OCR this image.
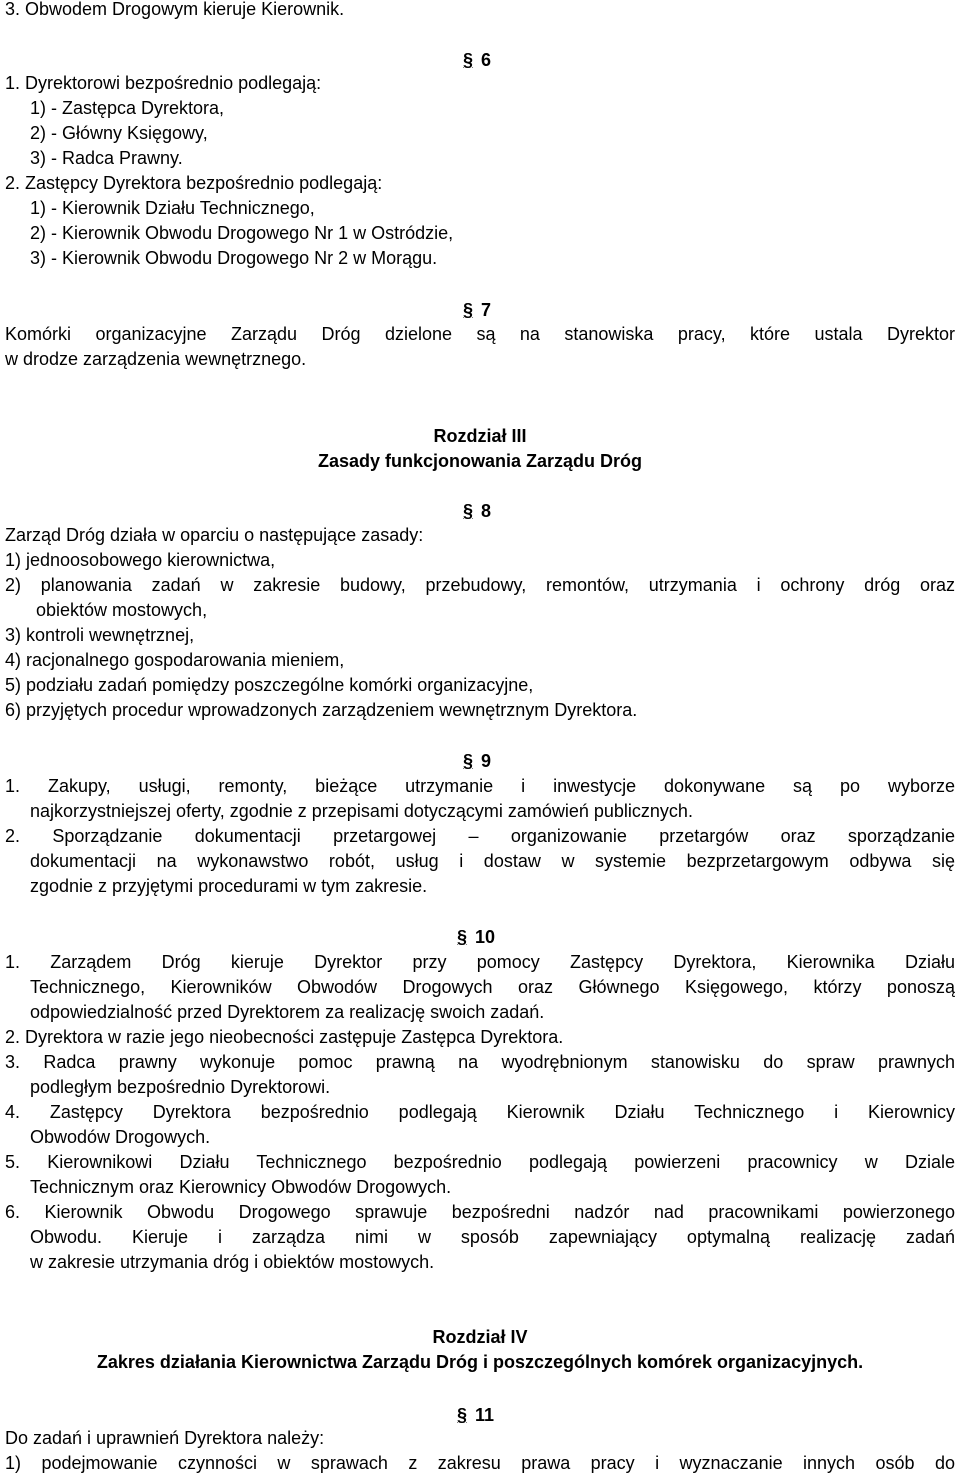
3. Obwodem Drogowym kieruje Kierownik.
§ 6
1. Dyrektorowi bezpośrednio podlegają:
1) - Zastępca Dyrektora,
2) - Główny Księgowy,
3) - Radca Prawny.
2. Zastępcy Dyrektora bezpośrednio podlegają:
1) - Kierownik Działu Technicznego,
2) - Kierownik Obwodu Drogowego Nr 1 w Ostródzie,
3) - Kierownik Obwodu Drogowego Nr 2 w Morągu.
§ 7
Komórki organizacyjne Zarządu Dróg dzielone są na stanowiska pracy, które ustala Dyrektor
w drodze zarządzenia wewnętrznego.
Rozdział III
Zasady funkcjonowania Zarządu Dróg
§ 8
Zarząd Dróg działa w oparciu o następujące zasady:
1) jednoosobowego kierownictwa,
2) planowania zadań w zakresie budowy, przebudowy, remontów, utrzymania i ochrony dróg oraz
obiektów mostowych,
3) kontroli wewnętrznej,
4) racjonalnego gospodarowania mieniem,
5) podziału zadań pomiędzy poszczególne komórki organizacyjne,
6) przyjętych procedur wprowadzonych zarządzeniem wewnętrznym Dyrektora.
§ 9
1. Zakupy, usługi, remonty, bieżące utrzymanie i inwestycje dokonywane są po wyborze
najkorzystniejszej oferty, zgodnie z przepisami dotyczącymi zamówień publicznych.
2. Sporządzanie dokumentacji przetargowej – organizowanie przetargów oraz sporządzanie
dokumentacji na wykonawstwo robót, usług i dostaw w systemie bezprzetargowym odbywa się
zgodnie z przyjętymi procedurami w tym zakresie.
§ 10
1. Zarządem Dróg kieruje Dyrektor przy pomocy Zastępcy Dyrektora, Kierownika Działu
Technicznego, Kierowników Obwodów Drogowych oraz Głównego Księgowego, którzy ponoszą
odpowiedzialność przed Dyrektorem za realizację swoich zadań.
2. Dyrektora w razie jego nieobecności zastępuje Zastępca Dyrektora.
3. Radca prawny wykonuje pomoc prawną na wyodrębnionym stanowisku do spraw prawnych
podległym bezpośrednio Dyrektorowi.
4. Zastępcy Dyrektora bezpośrednio podlegają Kierownik Działu Technicznego i Kierownicy
Obwodów Drogowych.
5. Kierownikowi Działu Technicznego bezpośrednio podlegają powierzeni pracownicy w Dziale
Technicznym oraz Kierownicy Obwodów Drogowych.
6. Kierownik Obwodu Drogowego sprawuje bezpośredni nadzór nad pracownikami powierzonego
Obwodu. Kieruje i zarządza nimi w sposób zapewniający optymalną realizację zadań
w zakresie utrzymania dróg i obiektów mostowych.
Rozdział IV
Zakres działania Kierownictwa Zarządu Dróg i poszczególnych komórek organizacyjnych.
§ 11
Do zadań i uprawnień Dyrektora należy:
1) podejmowanie czynności w sprawach z zakresu prawa pracy i wyznaczanie innych osób do
